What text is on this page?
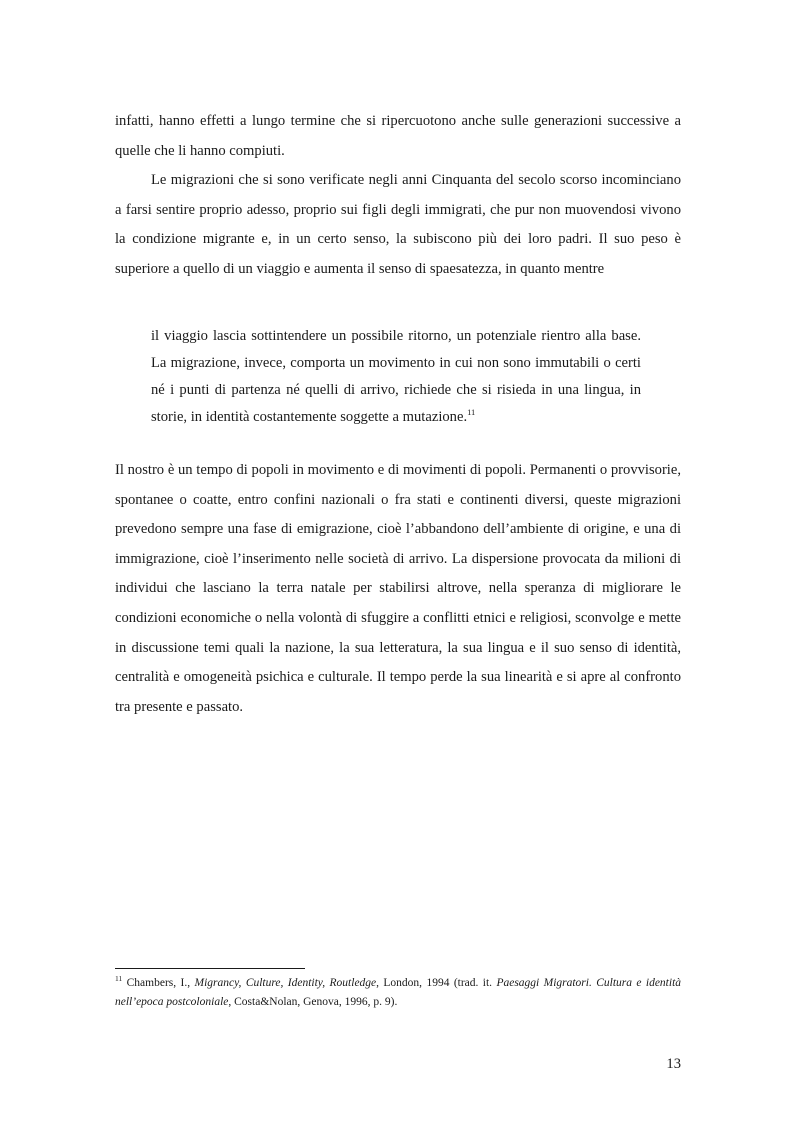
infatti, hanno effetti a lungo termine che si ripercuotono anche sulle generazioni successive a quelle che li hanno compiuti.

Le migrazioni che si sono verificate negli anni Cinquanta del secolo scorso incominciano a farsi sentire proprio adesso, proprio sui figli degli immigrati, che pur non muovendosi vivono la condizione migrante e, in un certo senso, la subiscono più dei loro padri. Il suo peso è superiore a quello di un viaggio e aumenta il senso di spaesatezza, in quanto mentre

il viaggio lascia sottintendere un possibile ritorno, un potenziale rientro alla base. La migrazione, invece, comporta un movimento in cui non sono immutabili o certi né i punti di partenza né quelli di arrivo, richiede che si risieda in una lingua, in storie, in identità costantemente soggette a mutazione.$^{11}$

Il nostro è un tempo di popoli in movimento e di movimenti di popoli. Permanenti o provvisorie, spontanee o coatte, entro confini nazionali o fra stati e continenti diversi, queste migrazioni prevedono sempre una fase di emigrazione, cioè l’abbandono dell’ambiente di origine, e una di immigrazione, cioè l’inserimento nelle società di arrivo. La dispersione provocata da milioni di individui che lasciano la terra natale per stabilirsi altrove, nella speranza di migliorare le condizioni economiche o nella volontà di sfuggire a conflitti etnici e religiosi, sconvolge e mette in discussione temi quali la nazione, la sua letteratura, la sua lingua e il suo senso di identità, centralità e omogeneità psichica e culturale. Il tempo perde la sua linearità e si apre al confronto tra presente e passato.

$^{11}$ Chambers, I., Migrancy, Culture, Identity, Routledge, London, 1994 (trad. it. Paesaggi Migratori. Cultura e identità nell’epoca postcoloniale, Costa&Nolan, Genova, 1996, p. 9).

13
